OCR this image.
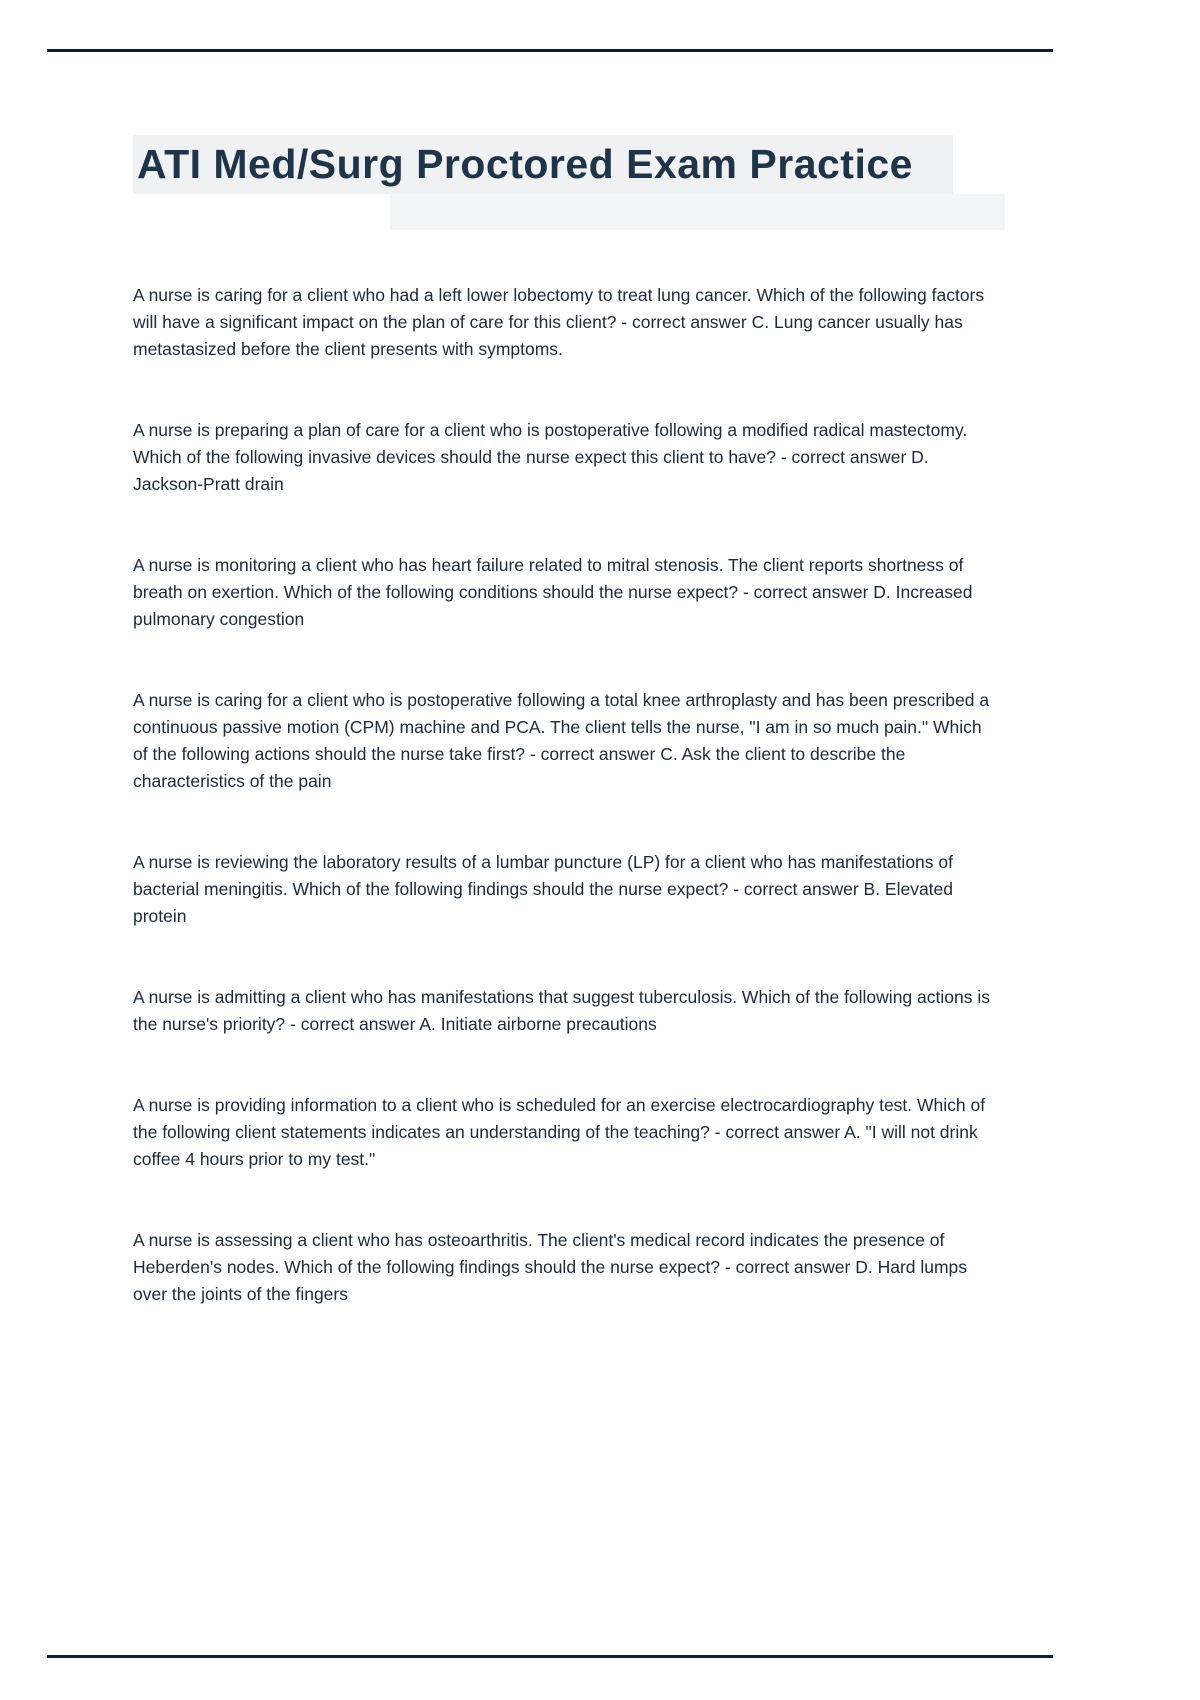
ATI Med/Surg Proctored Exam Practice

A nurse is caring for a client who had a left lower lobectomy to treat lung cancer. Which of the following factors will have a significant impact on the plan of care for this client? - correct answer C. Lung cancer usually has metastasized before the client presents with symptoms.

A nurse is preparing a plan of care for a client who is postoperative following a modified radical mastectomy. Which of the following invasive devices should the nurse expect this client to have? - correct answer D. Jackson-Pratt drain

A nurse is monitoring a client who has heart failure related to mitral stenosis. The client reports shortness of breath on exertion. Which of the following conditions should the nurse expect? - correct answer D. Increased pulmonary congestion

A nurse is caring for a client who is postoperative following a total knee arthroplasty and has been prescribed a continuous passive motion (CPM) machine and PCA. The client tells the nurse, "I am in so much pain." Which of the following actions should the nurse take first? - correct answer C. Ask the client to describe the characteristics of the pain

A nurse is reviewing the laboratory results of a lumbar puncture (LP) for a client who has manifestations of bacterial meningitis. Which of the following findings should the nurse expect? - correct answer B. Elevated protein

A nurse is admitting a client who has manifestations that suggest tuberculosis. Which of the following actions is the nurse's priority? - correct answer A. Initiate airborne precautions

A nurse is providing information to a client who is scheduled for an exercise electrocardiography test. Which of the following client statements indicates an understanding of the teaching? - correct answer A. "I will not drink coffee 4 hours prior to my test."

A nurse is assessing a client who has osteoarthritis. The client's medical record indicates the presence of Heberden's nodes. Which of the following findings should the nurse expect? - correct answer D. Hard lumps over the joints of the fingers
